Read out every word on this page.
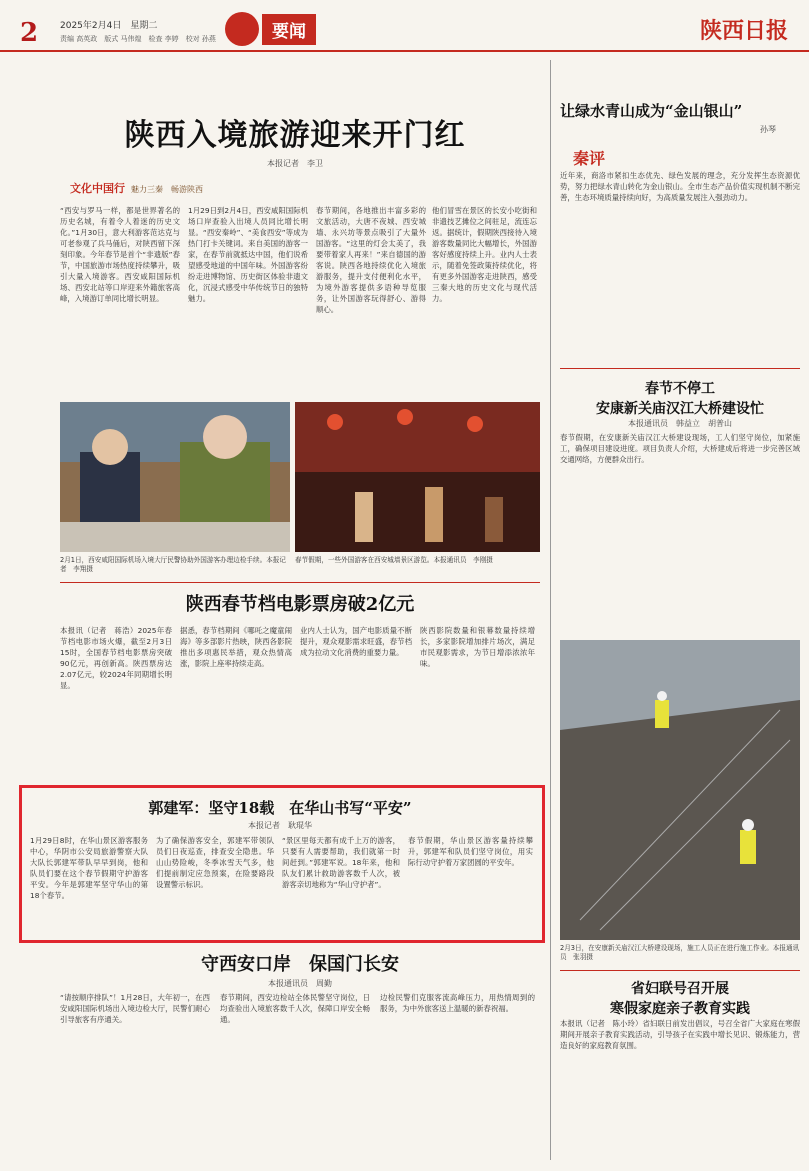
2 2025年2月4日　星期二
责编 高英政　版式 马伟煌　检查 李婷　校对 孙燕	要闻	陕西日报
陕西入境旅游迎来开门红
本报记者　李卫
文化中国行 魅力三秦　畅游陕西
“西安与罗马一样，都是世界著名的历史名城，有着令人着迷的历史文化。”1月30日，意大利游客范达克与可老参观了兵马俑后，对陕西留下深刻印象。今年春节是首个“非遗版”春节，中国旅游市场热度持续攀升，吸引大量入境游客。西安咸阳国际机场、西安北站等口岸迎来外籍旅客高峰，入境游订单同比增长明显。
1月29日到2月4日，西安咸阳国际机场口岸查验入出境人员同比增长明显。“西安秦岭”、“美食西安”等成为热门打卡关键词。来自美国的游客一家，在春节前就抵达中国，他们说希望感受地道的中国年味。外国游客纷纷走进博物馆、历史街区体验非遗文化，沉浸式感受中华传统节日的独特魅力。
春节期间，各地推出丰富多彩的文旅活动，大唐不夜城、西安城墙、永兴坊等景点吸引了大量外国游客。“这里的灯会太美了，我要带着家人再来！”来自德国的游客说。陕西各地持续优化入境旅游服务，提升支付便利化水平，为境外游客提供多语种导览服务，让外国游客玩得舒心、游得顺心。
他们冒雪在景区的长安小吃街和非遗技艺摊位之间驻足，流连忘返。据统计，假期陕西接待入境游客数量同比大幅增长，外国游客好感度持续上升。业内人士表示，随着免签政策持续优化，将有更多外国游客走进陕西，感受三秦大地的历史文化与现代活力。
2月1日，西安咸阳国际机场入境大厅民警协助外国游客办理边检手续。本报记者　李翔摄
春节假期，一些外国游客在西安城墙景区游览。本报通讯员　李刚摄
陕西春节档电影票房破2亿元
本报讯（记者　蒋浩）2025年春节档电影市场火爆，截至2月3日15时，全国春节档电影票房突破90亿元，再创新高。陕西票房达2.07亿元，较2024年同期增长明显。
据悉，春节档期间《哪吒之魔童闹海》等多部影片热映，陕西各影院推出多项惠民举措，观众热情高涨，影院上座率持续走高。
业内人士认为，国产电影质量不断提升，观众观影需求旺盛，春节档成为拉动文化消费的重要力量。
陕西影院数量和银幕数量持续增长，多家影院增加排片场次，满足市民观影需求，为节日增添浓浓年味。
郭建军：坚守18载　在华山书写“平安”
本报记者　耿琨华
1月29日8时，在华山景区游客服务中心，华阴市公安局旅游警察大队大队长郭建军带队早早到岗，他和队员们要在这个春节假期守护游客平安。今年是郭建军坚守华山的第18个春节。
为了确保游客安全，郭建军带领队员们日夜巡查，排查安全隐患。华山山势险峻，冬季冰雪天气多，他们提前制定应急预案，在险要路段设置警示标识。
“景区里每天都有成千上万的游客，只要有人需要帮助，我们就第一时间赶到。”郭建军说。18年来，他和队友们累计救助游客数千人次，被游客亲切地称为“华山守护者”。
春节假期，华山景区游客量持续攀升，郭建军和队员们坚守岗位，用实际行动守护着万家团圆的平安年。
守西安口岸　保国门长安
本报通讯员　周勤
“请按顺序排队”！1月28日，大年初一，在西安咸阳国际机场出入境边检大厅，民警们耐心引导旅客有序通关。
春节期间，西安边检站全体民警坚守岗位，日均查验出入境旅客数千人次，保障口岸安全畅通。
边检民警们克服客流高峰压力，用热情周到的服务，为中外旅客送上温暖的新春祝福。
让绿水青山成为“金山银山”
孙琴
秦评
近年来，商洛市紧扣生态优先、绿色发展的理念，充分发挥生态资源优势，努力把绿水青山转化为金山银山。全市生态产品价值实现机制不断完善，生态环境质量持续向好，为高质量发展注入强劲动力。
春节不停工
安康新关庙汉江大桥建设忙
本报通讯员　韩益立　胡普山
春节假期，在安康新关庙汉江大桥建设现场，工人们坚守岗位，加紧施工，确保项目建设进度。项目负责人介绍，大桥建成后将进一步完善区域交通网络，方便群众出行。
2月3日，在安康新关庙汉江大桥建设现场，施工人员正在进行施工作业。本报通讯员　张羽摄
省妇联号召开展
寒假家庭亲子教育实践
本报讯（记者　陈小玲）省妇联日前发出倡议，号召全省广大家庭在寒假期间开展亲子教育实践活动，引导孩子在实践中增长见识、锻炼能力，营造良好的家庭教育氛围。
